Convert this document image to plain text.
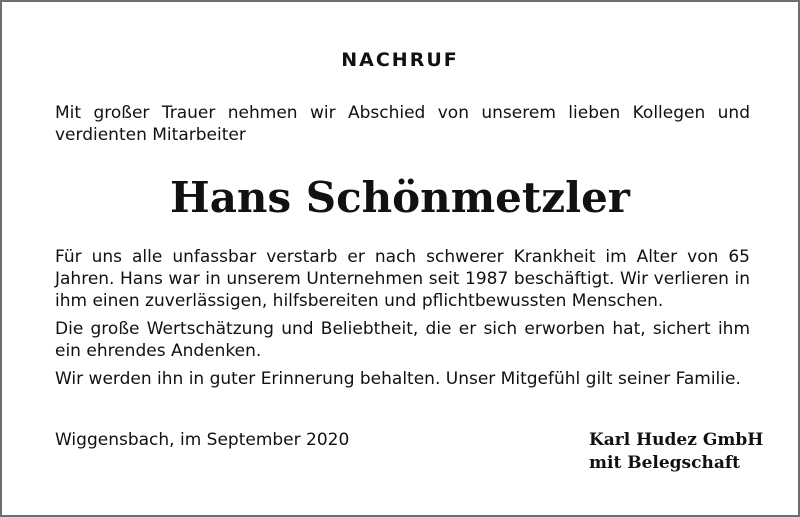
NACHRUF
Mit großer Trauer nehmen wir Abschied von unserem lieben Kollegen und verdienten Mitarbeiter
Hans Schönmetzler

Für uns alle unfassbar verstarb er nach schwerer Krankheit im Alter von 65 Jahren. Hans war in unserem Unternehmen seit 1987 beschäftigt. Wir verlieren in ihm einen zuverlässigen, hilfsbereiten und pflichtbewussten Menschen.

Die große Wertschätzung und Beliebtheit, die er sich erworben hat, sichert ihm ein ehrendes Andenken.

Wir werden ihn in guter Erinnerung behalten. Unser Mitgefühl gilt seiner Familie.

Wiggensbach, im September 2020	Karl Hudez GmbH
mit Belegschaft
